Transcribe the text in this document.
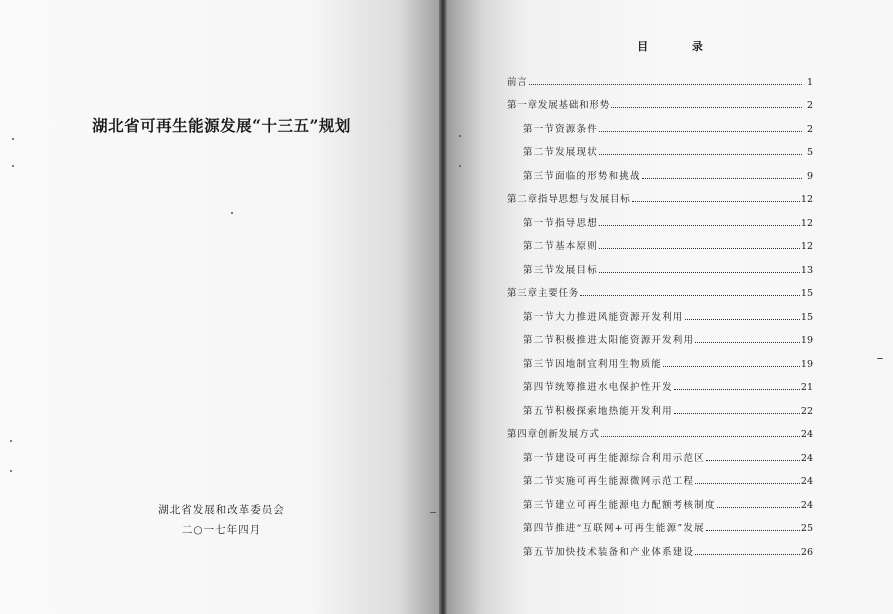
湖北省可再生能源发展“十三五”规划

湖北省发展和改革委员会

二○一七年四月

目 录
前言	1
第一章发展基础和形势	2
第一节资源条件	2
第二节发展现状	5
第三节面临的形势和挑战	9
第二章指导思想与发展目标	12
第一节指导思想	12
第二节基本原则	12
第三节发展目标	13
第三章主要任务	15
第一节大力推进风能资源开发利用	15
第二节积极推进太阳能资源开发利用	19
第三节因地制宜利用生物质能	19
第四节统筹推进水电保护性开发	21
第五节积极探索地热能开发利用	22
第四章创新发展方式	24
第一节建设可再生能源综合利用示范区	24
第二节实施可再生能源微网示范工程	24
第三节建立可再生能源电力配额考核制度	24
第四节推进“互联网+可再生能源”发展	25
第五节加快技术装备和产业体系建设	26
